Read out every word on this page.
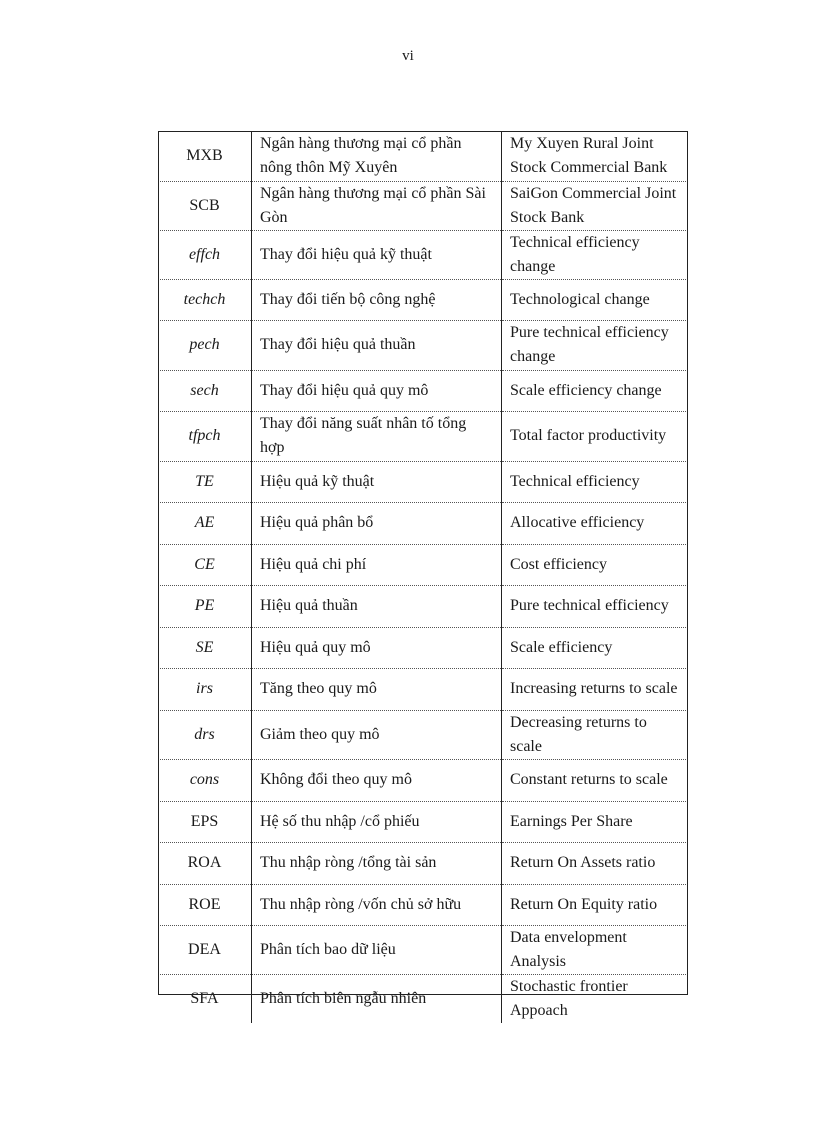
vi
MXB	Ngân hàng thương mại cổ phần nông thôn Mỹ Xuyên	My Xuyen Rural Joint Stock Commercial Bank
SCB	Ngân hàng thương mại cổ phần Sài Gòn	SaiGon Commercial Joint Stock Bank
effch	Thay đổi hiệu quả kỹ thuật	Technical efficiency change
techch	Thay đổi tiến bộ công nghệ	Technological change
pech	Thay đổi hiệu quả thuần	Pure technical efficiency change
sech	Thay đổi hiệu quả quy mô	Scale efficiency change
tfpch	Thay đổi năng suất nhân tố tổng hợp	Total factor productivity
TE	Hiệu quả kỹ thuật	Technical efficiency
AE	Hiệu quả phân bổ	Allocative efficiency
CE	Hiệu quả chi phí	Cost efficiency
PE	Hiệu quả thuần	Pure technical efficiency
SE	Hiệu quả quy mô	Scale efficiency
irs	Tăng theo quy mô	Increasing returns to scale
drs	Giảm theo quy mô	Decreasing returns to scale
cons	Không đổi theo quy mô	Constant returns to scale
EPS	Hệ số thu nhập /cổ phiếu	Earnings Per Share
ROA	Thu nhập ròng /tổng tài sản	Return On Assets ratio
ROE	Thu nhập ròng /vốn chủ sở hữu	Return On Equity ratio
DEA	Phân tích bao dữ liệu	Data envelopment Analysis
SFA	Phân tích biên ngẫu nhiên	Stochastic frontier Appoach
